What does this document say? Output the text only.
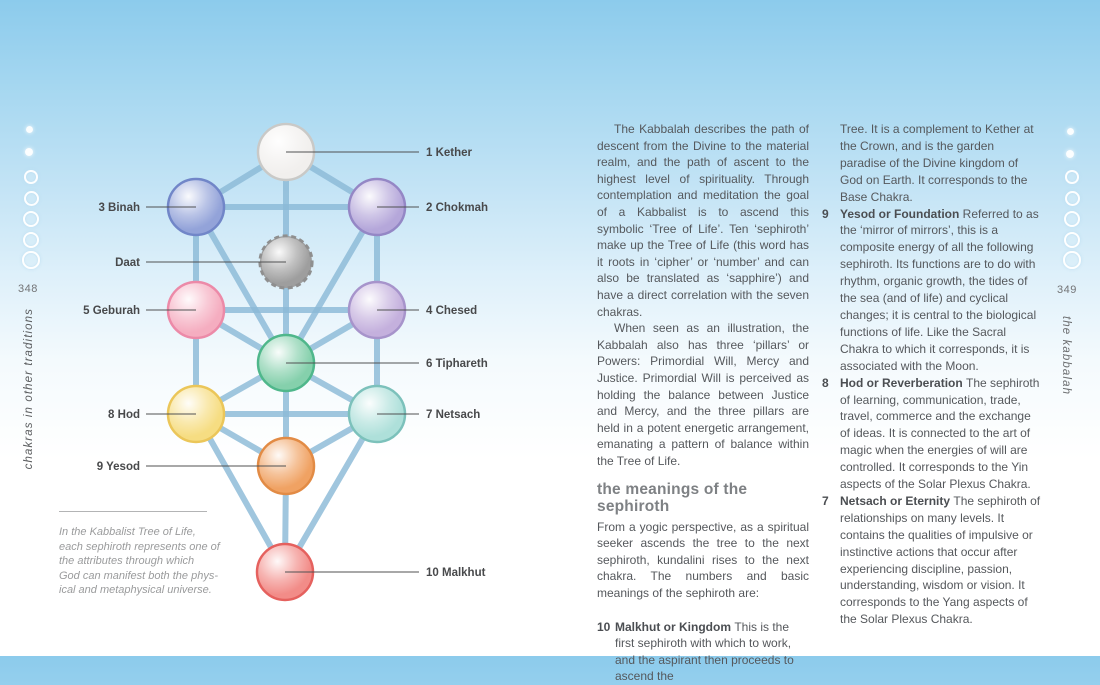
348	349
chakras in other traditions	the kabbalah
1 Kether
2 Chokmah
3 Binah
Daat
4 Chesed
5 Geburah
6 Tiphareth
7 Netsach
8 Hod
9 Yesod
10 Malkhut
In the Kabbalist Tree of Life,
each sephiroth represents one of
the attributes through which
God can manifest both the phys-
ical and metaphysical universe.

The Kabbalah describes the path of descent from the Divine to the material realm, and the path of ascent to the highest level of spirituality. Through contemplation and meditation the goal of a Kabbalist is to ascend this symbolic ‘Tree of Life’. Ten ‘sephiroth’ make up the Tree of Life (this word has it roots in ‘cipher’ or ‘number’ and can also be translated as ‘sapphire’) and have a direct correlation with the seven chakras.

When seen as an illustration, the Kabbalah also has three ‘pillars’ or Powers: Primordial Will, Mercy and Justice. Primordial Will is perceived as holding the balance between Justice and Mercy, and the three pillars are held in a potent energetic arrangement, emanating a pattern of balance within the Tree of Life.

the meanings of the sephiroth

From a yogic perspective, as a spiritual seeker ascends the tree to the next sephiroth, kundalini rises to the next chakra. The numbers and basic meanings of the sephiroth are:

10 Malkhut or Kingdom This is the first sephiroth with which to work, and the aspirant then proceeds to ascend the
Tree. It is a complement to Kether at the Crown, and is the garden paradise of the Divine kingdom of God on Earth. It corresponds to the Base Chakra.
9 Yesod or Foundation Referred to as the ‘mirror of mirrors’, this is a composite energy of all the following sephiroth. Its functions are to do with rhythm, organic growth, the tides of the sea (and of life) and cyclical changes; it is central to the biological functions of life. Like the Sacral Chakra to which it corresponds, it is associated with the Moon.
8 Hod or Reverberation The sephiroth of learning, communication, trade, travel, commerce and the exchange of ideas. It is connected to the art of magic when the energies of will are controlled. It corresponds to the Yin aspects of the Solar Plexus Chakra.
7 Netsach or Eternity The sephiroth of relationships on many levels. It contains the qualities of impulsive or instinctive actions that occur after experiencing discipline, passion, understanding, wisdom or vision. It corresponds to the Yang aspects of the Solar Plexus Chakra.
